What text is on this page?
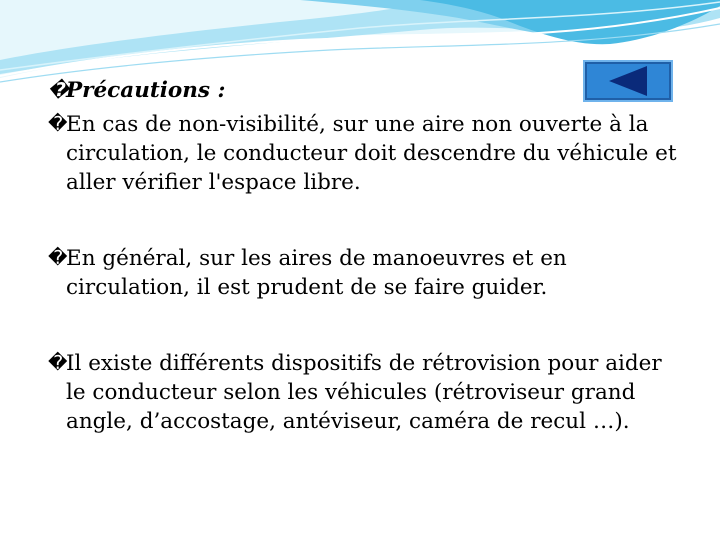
�
Précautions :

�
En cas de non-visibilité, sur une aire non ouverte à la circulation, le conducteur doit descendre du véhicule et aller vérifier l'espace libre.

�
En général, sur les aires de manoeuvres et en circulation, il est prudent de se faire guider.

�
Il existe différents dispositifs de rétrovision pour aider le conducteur selon les véhicules (rétroviseur grand angle, d’accostage, antéviseur, caméra de recul …).
